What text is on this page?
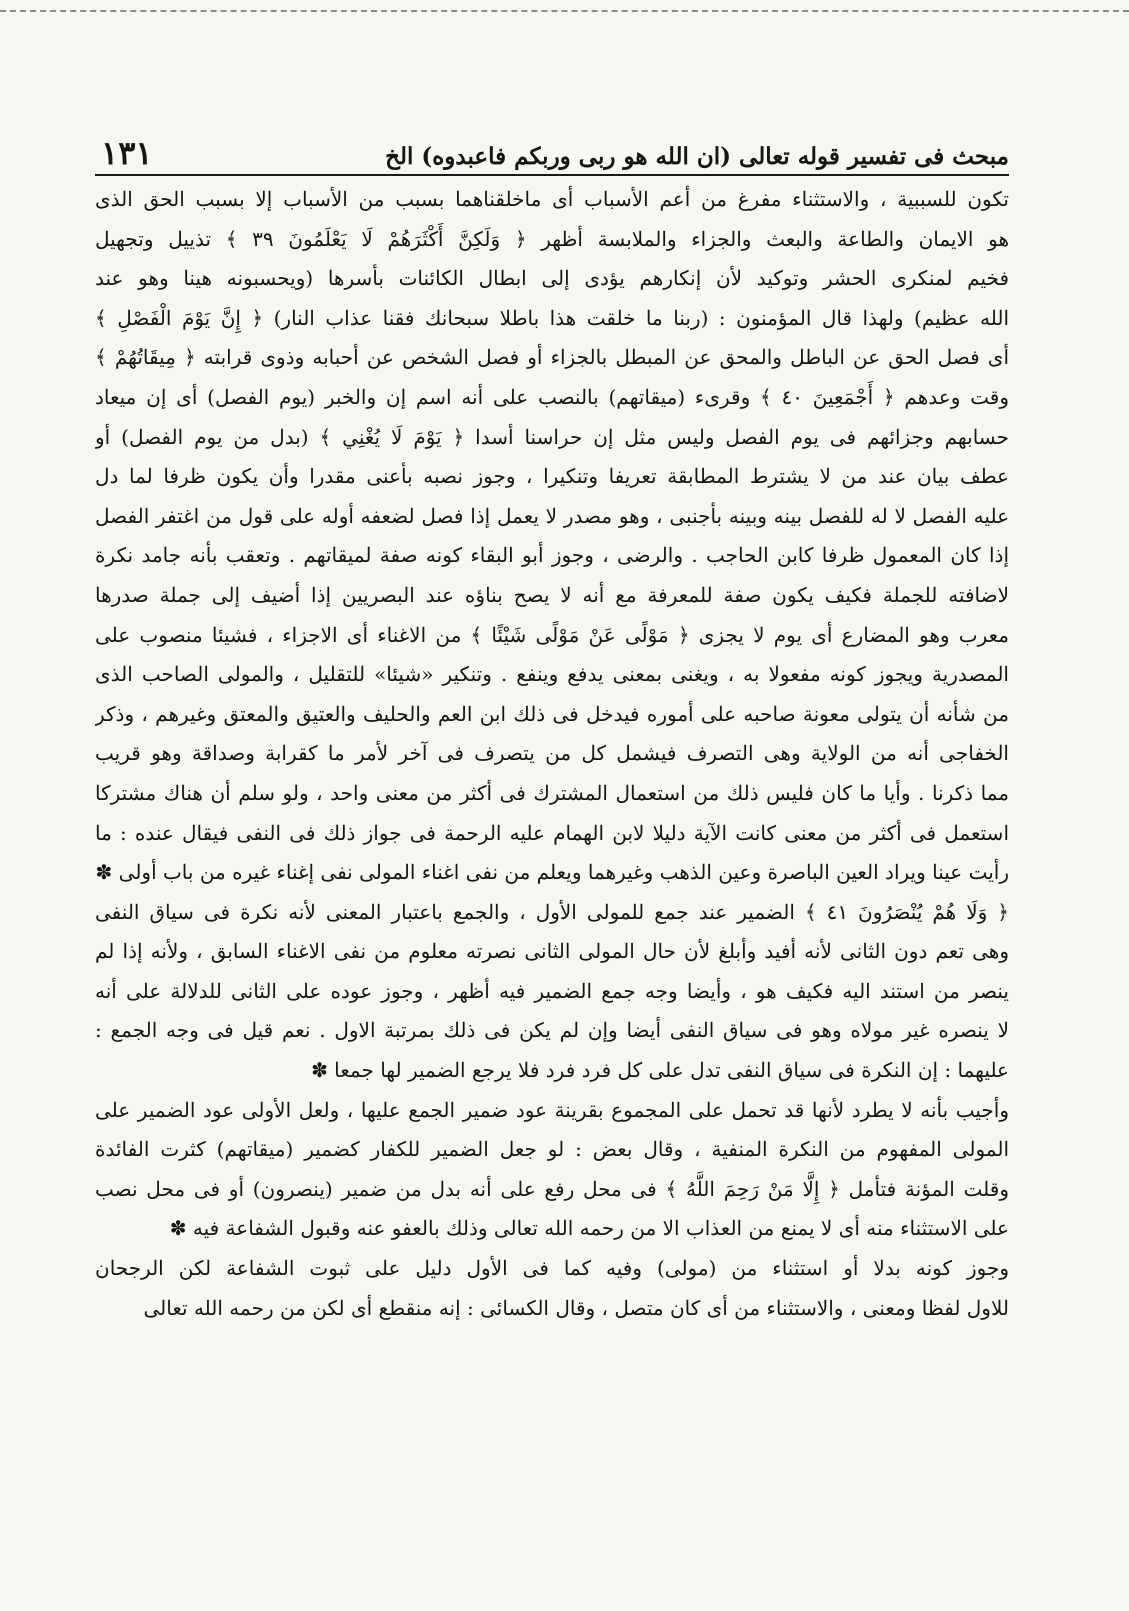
مبحث فى تفسير قوله تعالى (ان الله هو ربى وربكم فاعبدوه) الخ
١٣١
تكون للسببية ، والاستثناء مفرغ من أعم الأسباب أى ماخلقناهما بسبب من الأسباب إلا بسبب الحق الذى
هو الايمان والطاعة والبعث والجزاء والملابسة أظهر ﴿ وَلَكِنَّ أَكْثَرَهُمْ لَا يَعْلَمُونَ ٣٩ ﴾ تذييل وتجهيل
فخيم لمنكرى الحشر وتوكيد لأن إنكارهم يؤدى إلى ابطال الكائنات بأسرها (ويحسبونه هينا وهو عند
الله عظيم) ولهذا قال المؤمنون : (ربنا ما خلقت هذا باطلا سبحانك فقنا عذاب النار) ﴿ إِنَّ يَوْمَ الْفَصْلِ ﴾
أى فصل الحق عن الباطل والمحق عن المبطل بالجزاء أو فصل الشخص عن أحبابه وذوى قرابته ﴿ مِيقَاتُهُمْ ﴾
وقت وعدهم ﴿ أَجْمَعِينَ ٤٠ ﴾ وقرىء (ميقاتهم) بالنصب على أنه اسم إن والخبر (يوم الفصل) أى إن ميعاد
حسابهم وجزائهم فى يوم الفصل وليس مثل إن حراسنا أسدا ﴿ يَوْمَ لَا يُغْنِي ﴾ (بدل من يوم الفصل) أو
عطف بيان عند من لا يشترط المطابقة تعريفا وتنكيرا ، وجوز نصبه بأعنى مقدرا وأن يكون ظرفا لما دل
عليه الفصل لا له للفصل بينه وبينه بأجنبى ، وهو مصدر لا يعمل إذا فصل لضعفه أوله على قول من اغتفر الفصل
إذا كان المعمول ظرفا كابن الحاجب . والرضى ، وجوز أبو البقاء كونه صفة لميقاتهم . وتعقب بأنه جامد نكرة
لاضافته للجملة فكيف يكون صفة للمعرفة مع أنه لا يصح بناؤه عند البصريين إذا أضيف إلى جملة صدرها
معرب وهو المضارع أى يوم لا يجزى ﴿ مَوْلًى عَنْ مَوْلًى شَيْئًا ﴾ من الاغناء أى الاجزاء ، فشيئا منصوب على
المصدرية ويجوز كونه مفعولا به ، ويغنى بمعنى يدفع وينفع . وتنكير «شيئا» للتقليل ، والمولى الصاحب الذى
من شأنه أن يتولى معونة صاحبه على أموره فيدخل فى ذلك ابن العم والحليف والعتيق والمعتق وغيرهم ، وذكر
الخفاجى أنه من الولاية وهى التصرف فيشمل كل من يتصرف فى آخر لأمر ما كقرابة وصداقة وهو قريب
مما ذكرنا . وأيا ما كان فليس ذلك من استعمال المشترك فى أكثر من معنى واحد ، ولو سلم أن هناك مشتركا
استعمل فى أكثر من معنى كانت الآية دليلا لابن الهمام عليه الرحمة فى جواز ذلك فى النفى فيقال عنده : ما
رأيت عينا ويراد العين الباصرة وعين الذهب وغيرهما ويعلم من نفى اغناء المولى نفى إغناء غيره من باب أولى ✽
﴿ وَلَا هُمْ يُنْصَرُونَ ٤١ ﴾ الضمير عند جمع للمولى الأول ، والجمع باعتبار المعنى لأنه نكرة فى سياق النفى
وهى تعم دون الثانى لأنه أفيد وأبلغ لأن حال المولى الثانى نصرته معلوم من نفى الاغناء السابق ، ولأنه إذا لم
ينصر من استند اليه فكيف هو ، وأيضا وجه جمع الضمير فيه أظهر ، وجوز عوده على الثانى للدلالة على أنه
لا ينصره غير مولاه وهو فى سياق النفى أيضا وإن لم يكن فى ذلك بمرتبة الاول . نعم قيل فى وجه الجمع :
عليهما : إن النكرة فى سياق النفى تدل على كل فرد فرد فلا يرجع الضمير لها جمعا ✽
وأجيب بأنه لا يطرد لأنها قد تحمل على المجموع بقرينة عود ضمير الجمع عليها ، ولعل الأولى عود الضمير على
المولى المفهوم من النكرة المنفية ، وقال بعض : لو جعل الضمير للكفار كضمير (ميقاتهم) كثرت الفائدة
وقلت المؤنة فتأمل ﴿ إِلَّا مَنْ رَحِمَ اللَّهُ ﴾ فى محل رفع على أنه بدل من ضمير (ينصرون) أو فى محل نصب
على الاستثناء منه أى لا يمنع من العذاب الا من رحمه الله تعالى وذلك بالعفو عنه وقبول الشفاعة فيه ✽
وجوز كونه بدلا أو استثناء من (مولى) وفيه كما فى الأول دليل على ثبوت الشفاعة لكن الرجحان
للاول لفظا ومعنى ، والاستثناء من أى كان متصل ، وقال الكسائى : إنه منقطع أى لكن من رحمه الله تعالى
